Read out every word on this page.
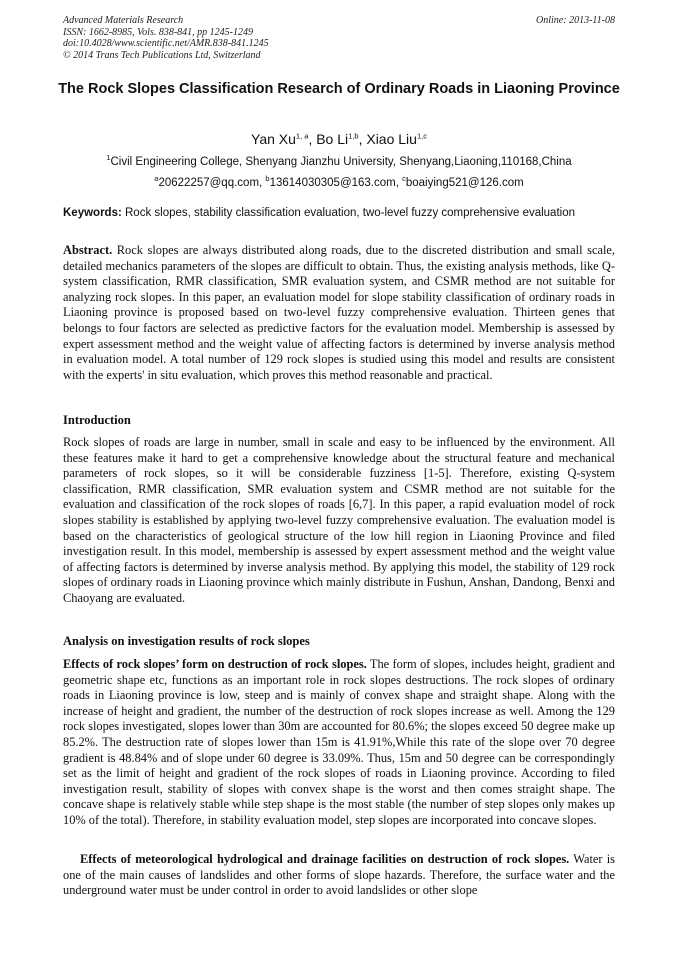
Advanced Materials Research
ISSN: 1662-8985, Vols. 838-841, pp 1245-1249
doi:10.4028/www.scientific.net/AMR.838-841.1245
© 2014 Trans Tech Publications Ltd, Switzerland
Online: 2013-11-08
The Rock Slopes Classification Research of Ordinary Roads in Liaoning Province
Yan Xu$^{1, a}$, Bo Li$^{1,b}$, Xiao Liu$^{1,c}$
$^1$Civil Engineering College, Shenyang Jianzhu University, Shenyang,Liaoning,110168,China
$^a$20622257@qq.com, $^b$13614030305@163.com, $^c$boaiying521@126.com
Keywords: Rock slopes, stability classification evaluation, two-level fuzzy comprehensive evaluation
Abstract. Rock slopes are always distributed along roads, due to the discreted distribution and small scale, detailed mechanics parameters of the slopes are difficult to obtain. Thus, the existing analysis methods, like Q-system classification, RMR classification, SMR evaluation system, and CSMR method are not suitable for analyzing rock slopes. In this paper, an evaluation model for slope stability classification of ordinary roads in Liaoning province is proposed based on two-level fuzzy comprehensive evaluation. Thirteen genes that belongs to four factors are selected as predictive factors for the evaluation model. Membership is assessed by expert assessment method and the weight value of affecting factors is determined by inverse analysis method in evaluation model. A total number of 129 rock slopes is studied using this model and results are consistent with the experts' in situ evaluation, which proves this method reasonable and practical.
Introduction
Rock slopes of roads are large in number, small in scale and easy to be influenced by the environment. All these features make it hard to get a comprehensive knowledge about the structural feature and mechanical parameters of rock slopes, so it will be considerable fuzziness [1-5]. Therefore, existing Q-system classification, RMR classification, SMR evaluation system and CSMR method are not suitable for the evaluation and classification of the rock slopes of roads [6,7]. In this paper, a rapid evaluation model of rock slopes stability is established by applying two-level fuzzy comprehensive evaluation. The evaluation model is based on the characteristics of geological structure of the low hill region in Liaoning Province and filed investigation result. In this model, membership is assessed by expert assessment method and the weight value of affecting factors is determined by inverse analysis method. By applying this model, the stability of 129 rock slopes of ordinary roads in Liaoning province which mainly distribute in Fushun, Anshan, Dandong, Benxi and Chaoyang are evaluated.
Analysis on investigation results of rock slopes
Effects of rock slopes’ form on destruction of rock slopes. The form of slopes, includes height, gradient and geometric shape etc, functions as an important role in rock slopes destructions. The rock slopes of ordinary roads in Liaoning province is low, steep and is mainly of convex shape and straight shape. Along with the increase of height and gradient, the number of the destruction of rock slopes increase as well. Among the 129 rock slopes investigated, slopes lower than 30m are accounted for 80.6%; the slopes exceed 50 degree make up 85.2%. The destruction rate of slopes lower than 15m is 41.91%,While this rate of the slope over 70 degree gradient is 48.84% and of slope under 60 degree is 33.09%. Thus, 15m and 50 degree can be correspondingly set as the limit of height and gradient of the rock slopes of roads in Liaoning province. According to filed investigation result, stability of slopes with convex shape is the worst and then comes straight shape. The concave shape is relatively stable while step shape is the most stable (the number of step slopes only makes up 10% of the total). Therefore, in stability evaluation model, step slopes are incorporated into concave slopes.
Effects of meteorological hydrological and drainage facilities on destruction of rock slopes. Water is one of the main causes of landslides and other forms of slope hazards. Therefore, the surface water and the underground water must be under control in order to avoid landslides or other slope
